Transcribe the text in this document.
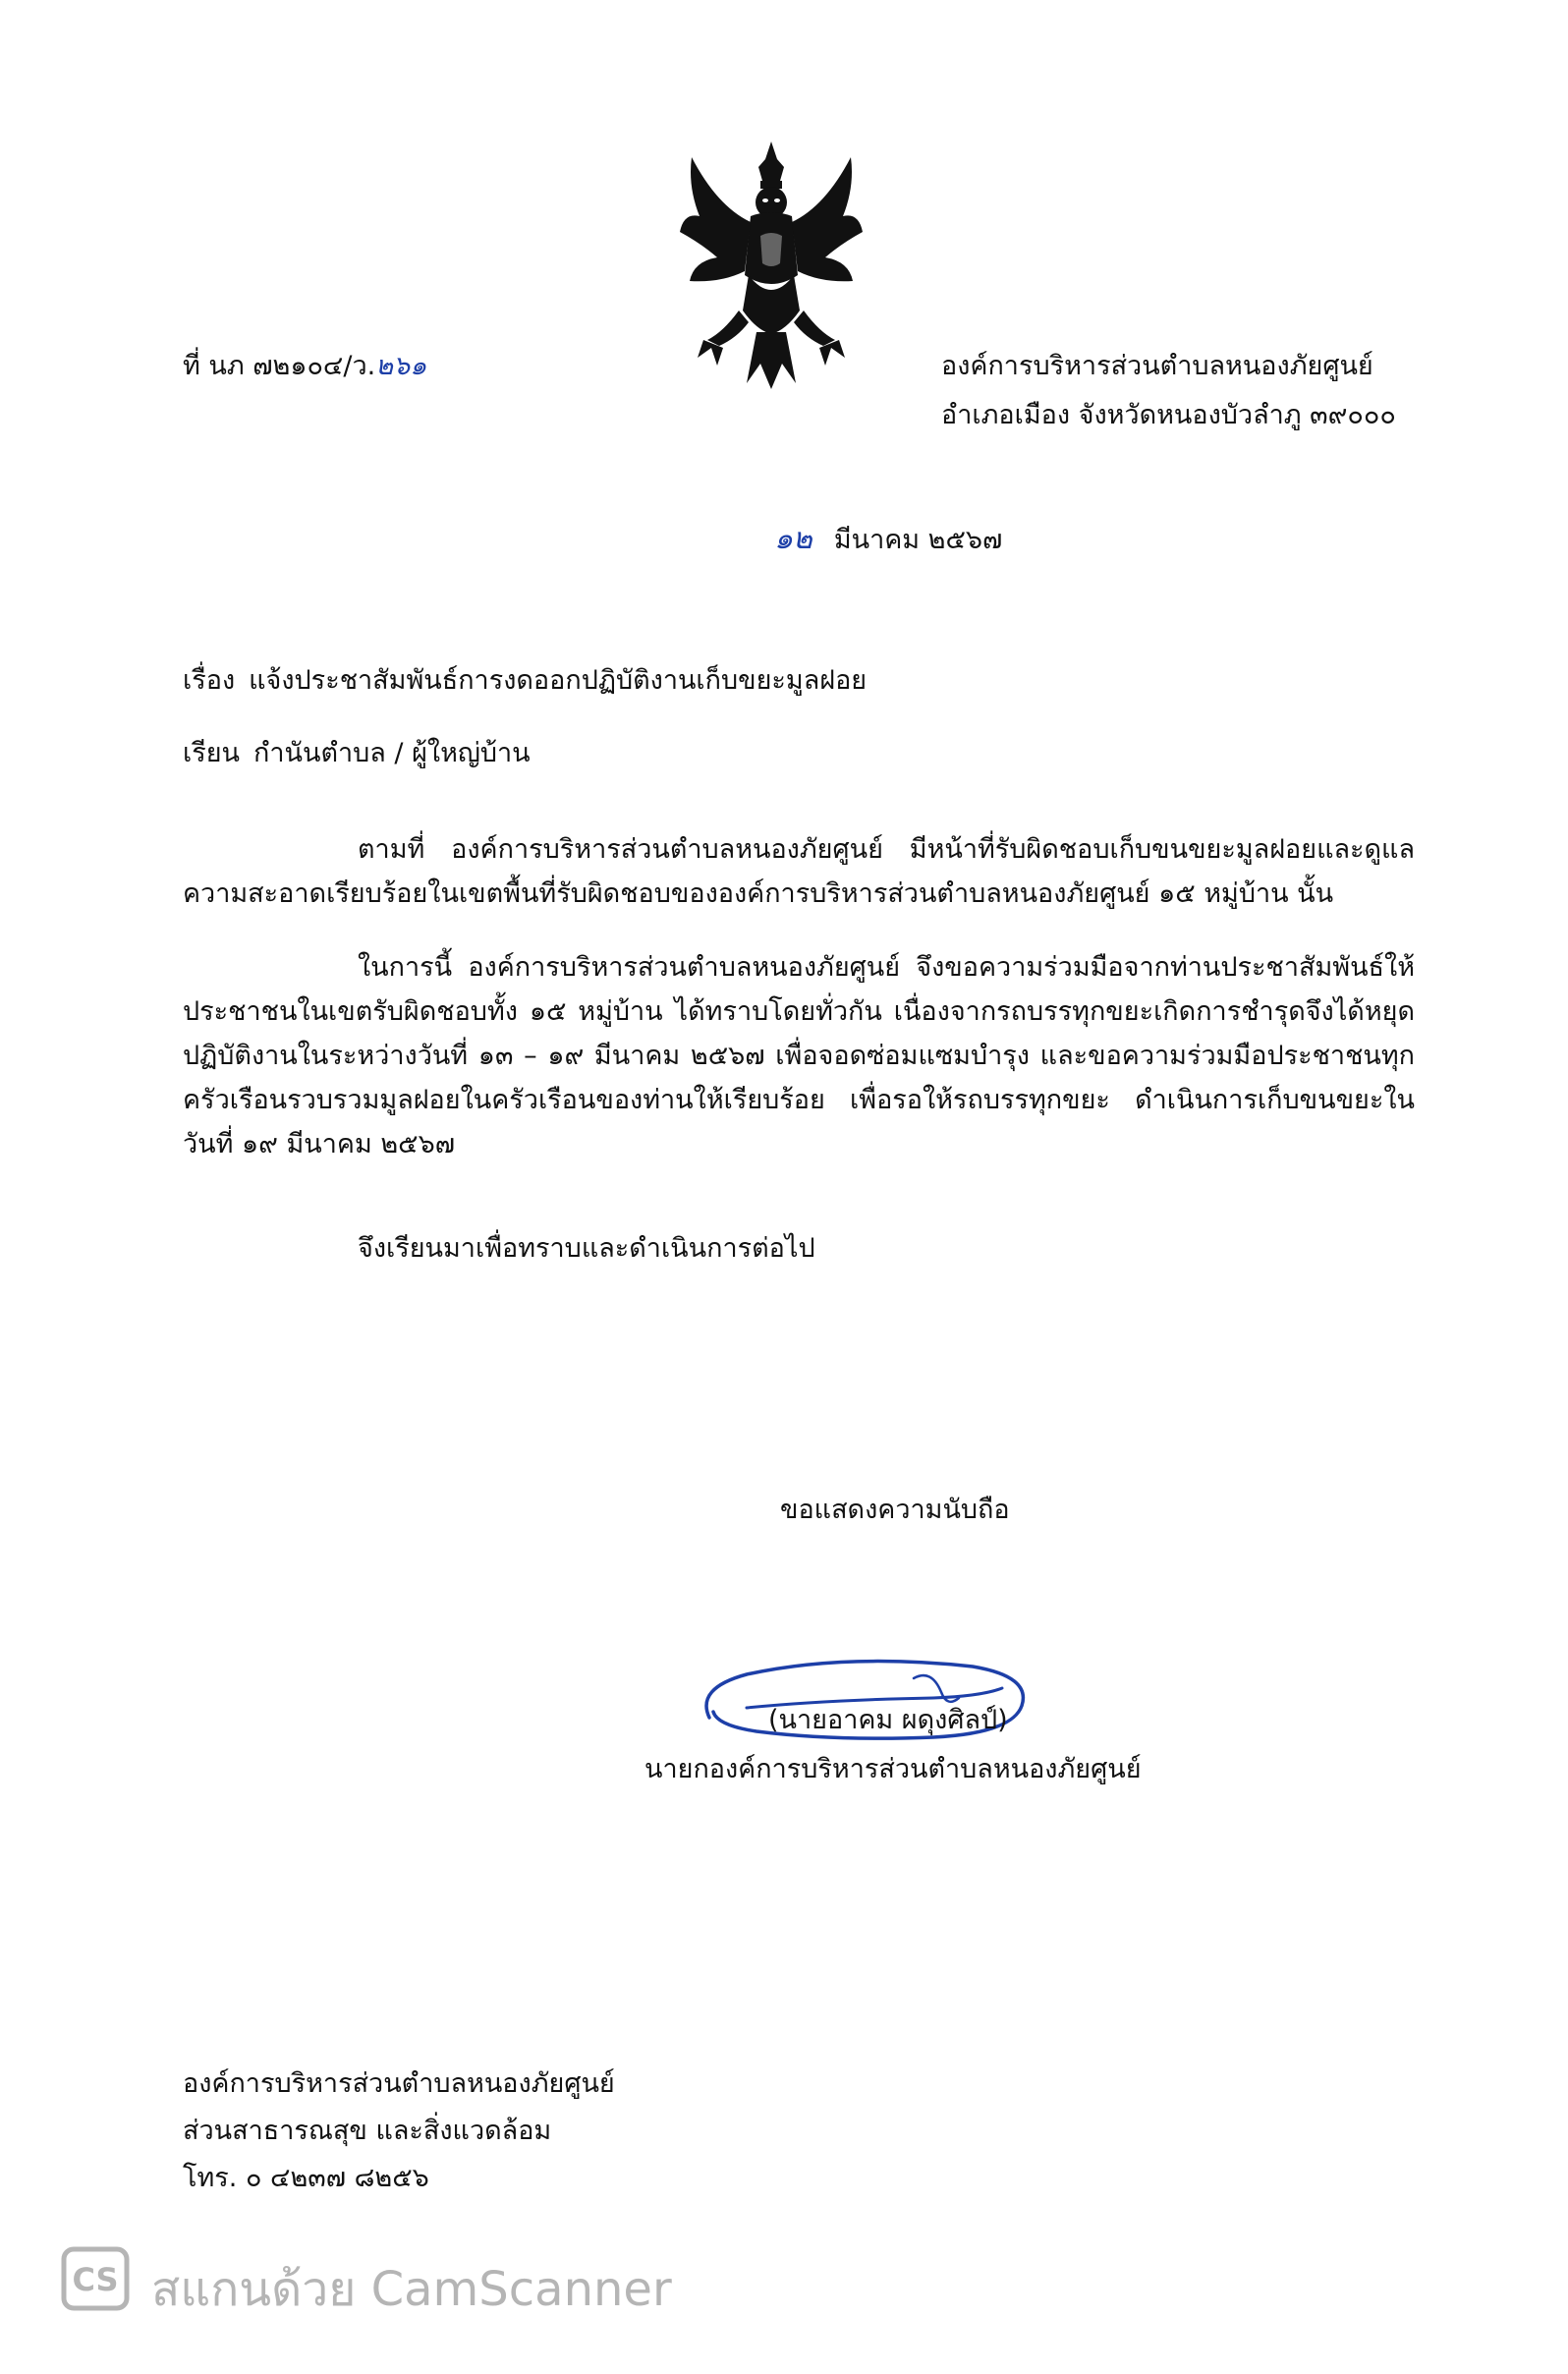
ที่ นภ ๗๒๑๐๔/ว.๒๖๑	องค์การบริหารส่วนตำบลหนองภัยศูนย์
อำเภอเมือง จังหวัดหนองบัวลำภู ๓๙๐๐๐
๑๒ มีนาคม ๒๕๖๗
เรื่อง แจ้งประชาสัมพันธ์การงดออกปฏิบัติงานเก็บขยะมูลฝอย
เรียน กำนันตำบล / ผู้ใหญ่บ้าน

ตามที่ องค์การบริหารส่วนตำบลหนองภัยศูนย์ มีหน้าที่รับผิดชอบเก็บขนขยะมูลฝอยและดูแลความสะอาดเรียบร้อยในเขตพื้นที่รับผิดชอบขององค์การบริหารส่วนตำบลหนองภัยศูนย์ ๑๕ หมู่บ้าน นั้น

ในการนี้ องค์การบริหารส่วนตำบลหนองภัยศูนย์ จึงขอความร่วมมือจากท่านประชาสัมพันธ์ให้ประชาชนในเขตรับผิดชอบทั้ง ๑๕ หมู่บ้าน ได้ทราบโดยทั่วกัน เนื่องจากรถบรรทุกขยะเกิดการชำรุดจึงได้หยุดปฏิบัติงานในระหว่างวันที่ ๑๓ – ๑๙ มีนาคม ๒๕๖๗ เพื่อจอดซ่อมแซมบำรุง และขอความร่วมมือประชาชนทุกครัวเรือนรวบรวมมูลฝอยในครัวเรือนของท่านให้เรียบร้อย เพื่อรอให้รถบรรทุกขยะ ดำเนินการเก็บขนขยะในวันที่ ๑๙ มีนาคม ๒๕๖๗

จึงเรียนมาเพื่อทราบและดำเนินการต่อไป

ขอแสดงความนับถือ
(นายอาคม ผดุงศิลป์)
นายกองค์การบริหารส่วนตำบลหนองภัยศูนย์
องค์การบริหารส่วนตำบลหนองภัยศูนย์
ส่วนสาธารณสุข และสิ่งแวดล้อม
โทร. ๐ ๔๒๓๗ ๘๒๕๖
CS สแกนด้วย CamScanner
